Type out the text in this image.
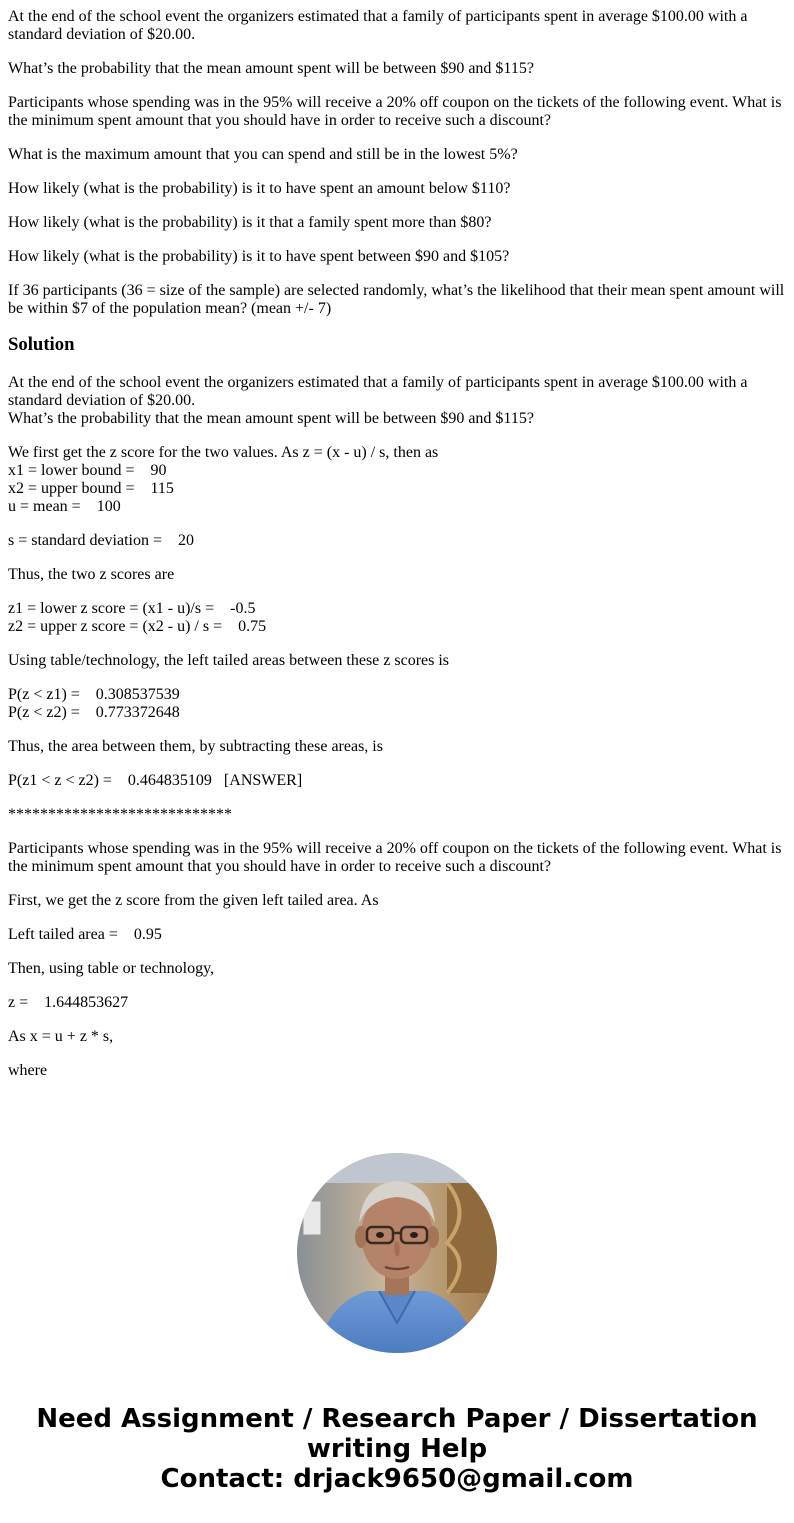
At the end of the school event the organizers estimated that a family of participants spent in average $100.00 with a standard deviation of $20.00.

What’s the probability that the mean amount spent will be between $90 and $115?

Participants whose spending was in the 95% will receive a 20% off coupon on the tickets of the following event. What is the minimum spent amount that you should have in order to receive such a discount?

What is the maximum amount that you can spend and still be in the lowest 5%?

How likely (what is the probability) is it to have spent an amount below $110?

How likely (what is the probability) is it that a family spent more than $80?

How likely (what is the probability) is it to have spent between $90 and $105?

If 36 participants (36 = size of the sample) are selected randomly, what’s the likelihood that their mean spent amount will be within $7 of the population mean? (mean +/- 7)

Solution

At the end of the school event the organizers estimated that a family of participants spent in average $100.00 with a standard deviation of $20.00.
What’s the probability that the mean amount spent will be between $90 and $115?

We first get the z score for the two values. As z = (x - u) / s, then as

x1 = lower bound =    90
x2 = upper bound =    115
u = mean =    100

s = standard deviation =    20

Thus, the two z scores are

z1 = lower z score = (x1 - u)/s =    -0.5
z2 = upper z score = (x2 - u) / s =    0.75

Using table/technology, the left tailed areas between these z scores is

P(z < z1) =    0.308537539
P(z < z2) =    0.773372648

Thus, the area between them, by subtracting these areas, is

P(z1 < z < z2) =    0.464835109   [ANSWER]

****************************

Participants whose spending was in the 95% will receive a 20% off coupon on the tickets of the following event. What is the minimum spent amount that you should have in order to receive such a discount?

First, we get the z score from the given left tailed area. As

Left tailed area =    0.95

Then, using table or technology,

z =    1.644853627

As x = u + z * s,

where

Need Assignment / Research Paper / Dissertation
writing Help
Contact: drjack9650@gmail.com
